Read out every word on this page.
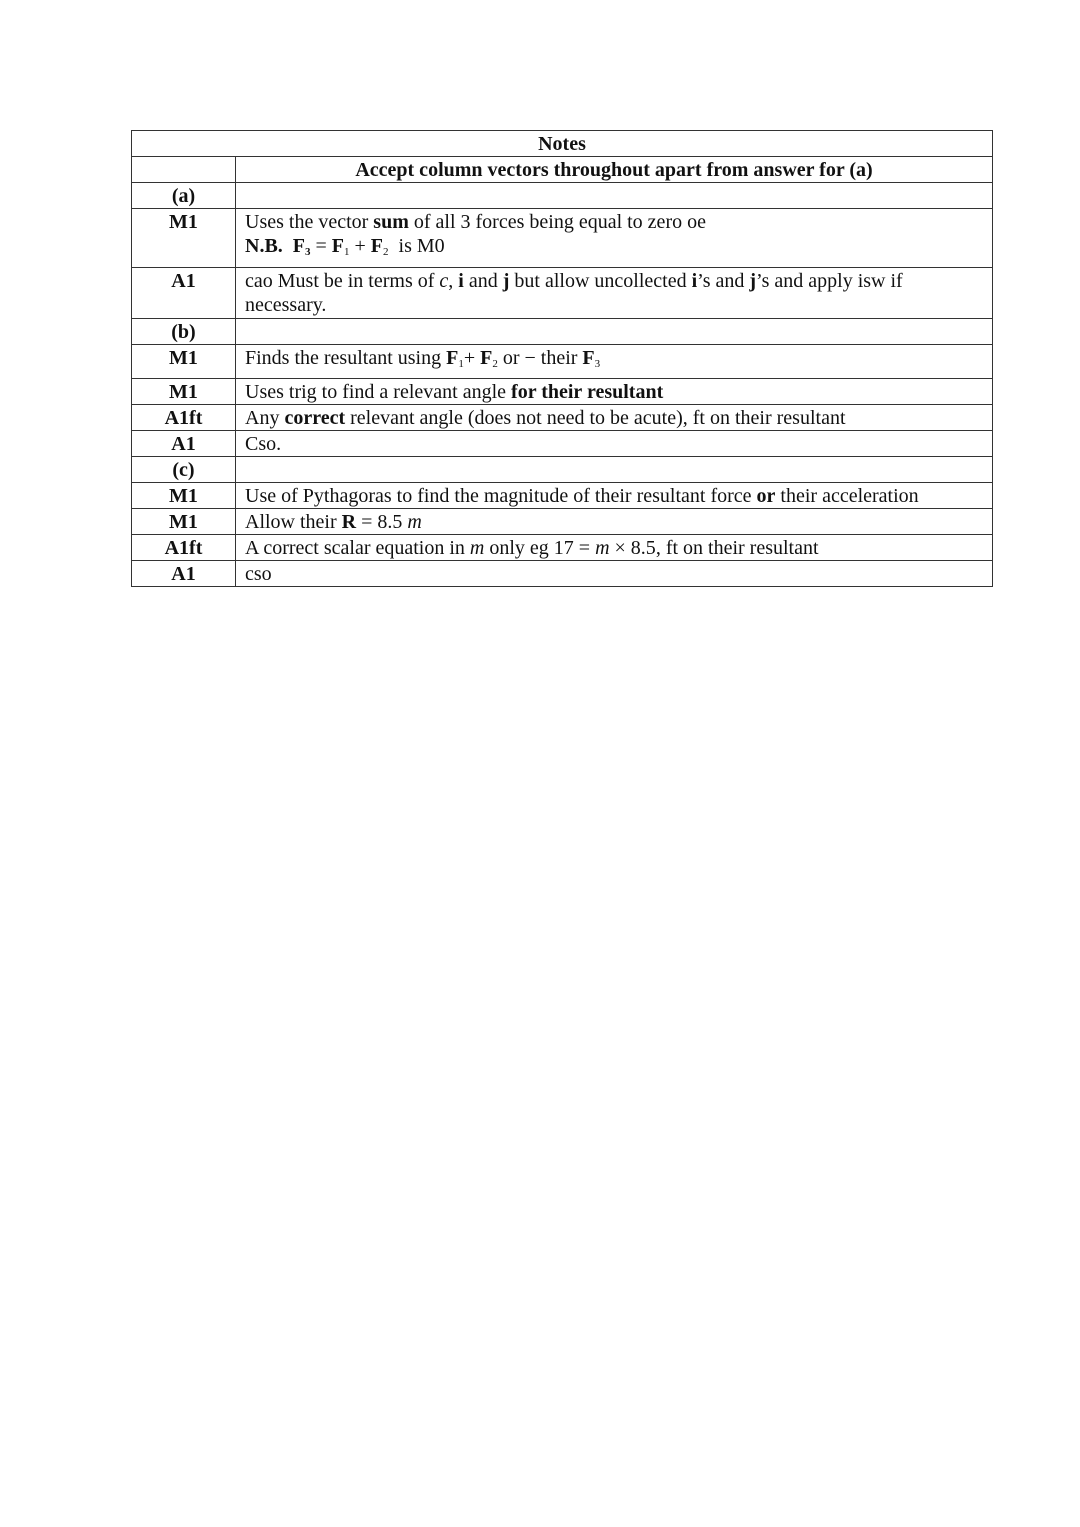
Notes	
	Accept column vectors throughout apart from answer for (a)
(a)	
M1	Uses the vector sum of all 3 forces being equal to zero oe
N.B. $F_3 = F_1 + F_2$ is M0

A1	cao Must be in terms of c, i and j but allow uncollected i’s and j’s and apply isw if necessary.
(b)	
M1	Finds the resultant using $F_1+ F_2$ or − their $F_3$
M1	Uses trig to find a relevant angle for their resultant
A1ft	Any correct relevant angle (does not need to be acute), ft on their resultant
A1	Cso.
(c)	
M1	Use of Pythagoras to find the magnitude of their resultant force or their acceleration
M1	Allow their R = 8.5 m
A1ft	A correct scalar equation in m only eg 17 = m × 8.5, ft on their resultant
A1	cso
